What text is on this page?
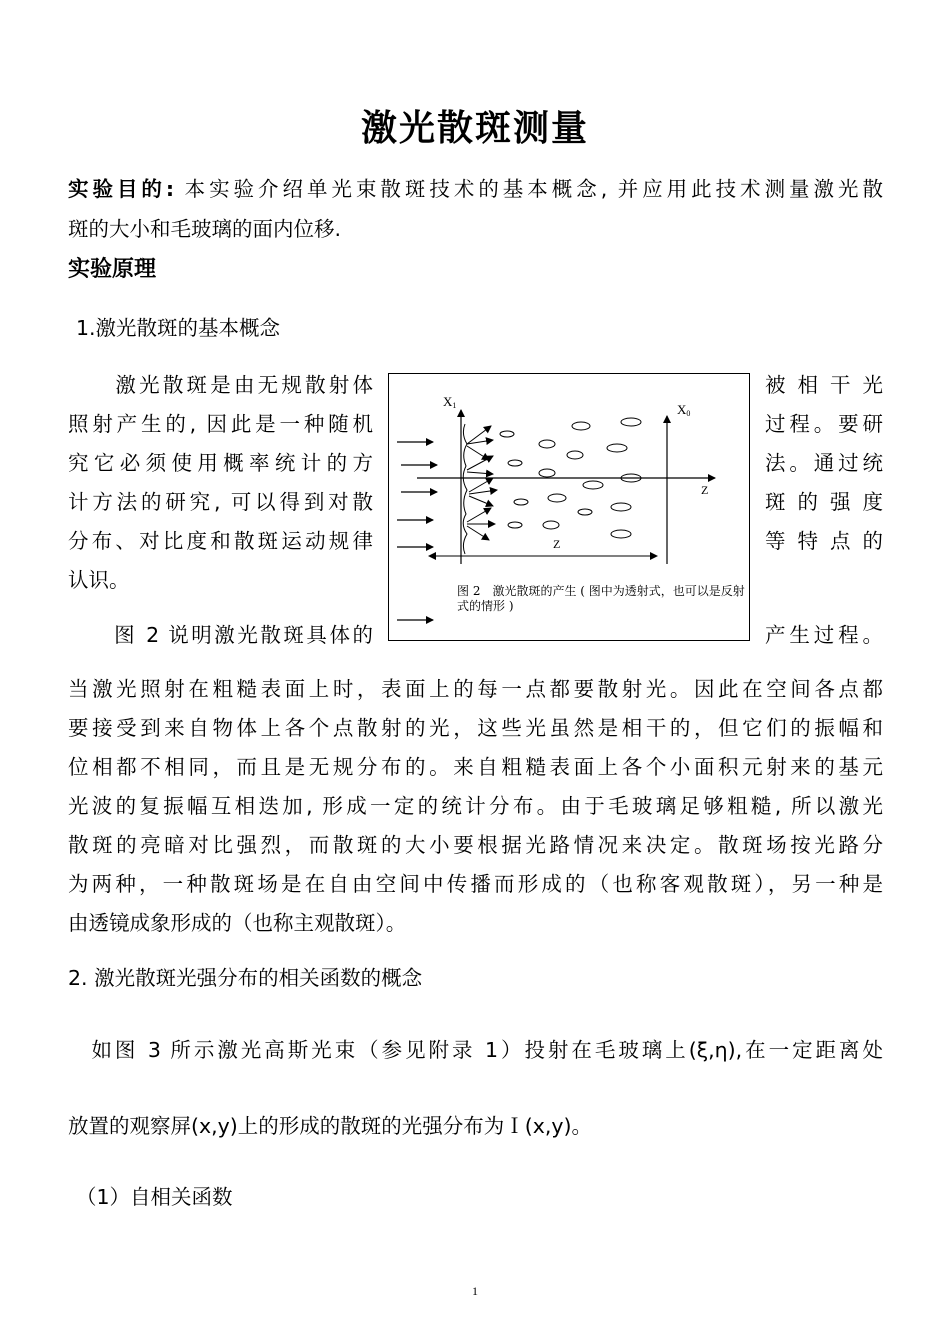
激光散斑测量
实验目的: 本实验介绍单光束散斑技术的基本概念, 并应用此技术测量激光散
斑的大小和毛玻璃的面内位移.
实验原理
1.激光散斑的基本概念
　　激光散斑是由无规散射体
照射产生的, 因此是一种随机
究它必须使用概率统计的方
计方法的研究, 可以得到对散
分布、对比度和散斑运动规律
认识。
　　图 2 说明激光散斑具体的
被相干光
过程。要研
法。通过统
斑的强度
等特点的
产生过程。
X1	X0
Z
Z
图 2　激光散斑的产生 ( 图中为透射式，也可以是反射式的情形 )
当激光照射在粗糙表面上时，表面上的每一点都要散射光。因此在空间各点都
要接受到来自物体上各个点散射的光，这些光虽然是相干的，但它们的振幅和
位相都不相同，而且是无规分布的。来自粗糙表面上各个小面积元射来的基元
光波的复振幅互相迭加, 形成一定的统计分布。由于毛玻璃足够粗糙, 所以激光
散斑的亮暗对比强烈，而散斑的大小要根据光路情况来决定。散斑场按光路分
为两种，一种散斑场是在自由空间中传播而形成的（也称客观散斑），另一种是
由透镜成象形成的（也称主观散斑）。
2. 激光散斑光强分布的相关函数的概念
　如图 3 所示激光高斯光束（参见附录 1）投射在毛玻璃上(ξ,η),在一定距离处
放置的观察屏(x,y)上的形成的散斑的光强分布为Ｉ(x,y)。
（1）自相关函数
1
